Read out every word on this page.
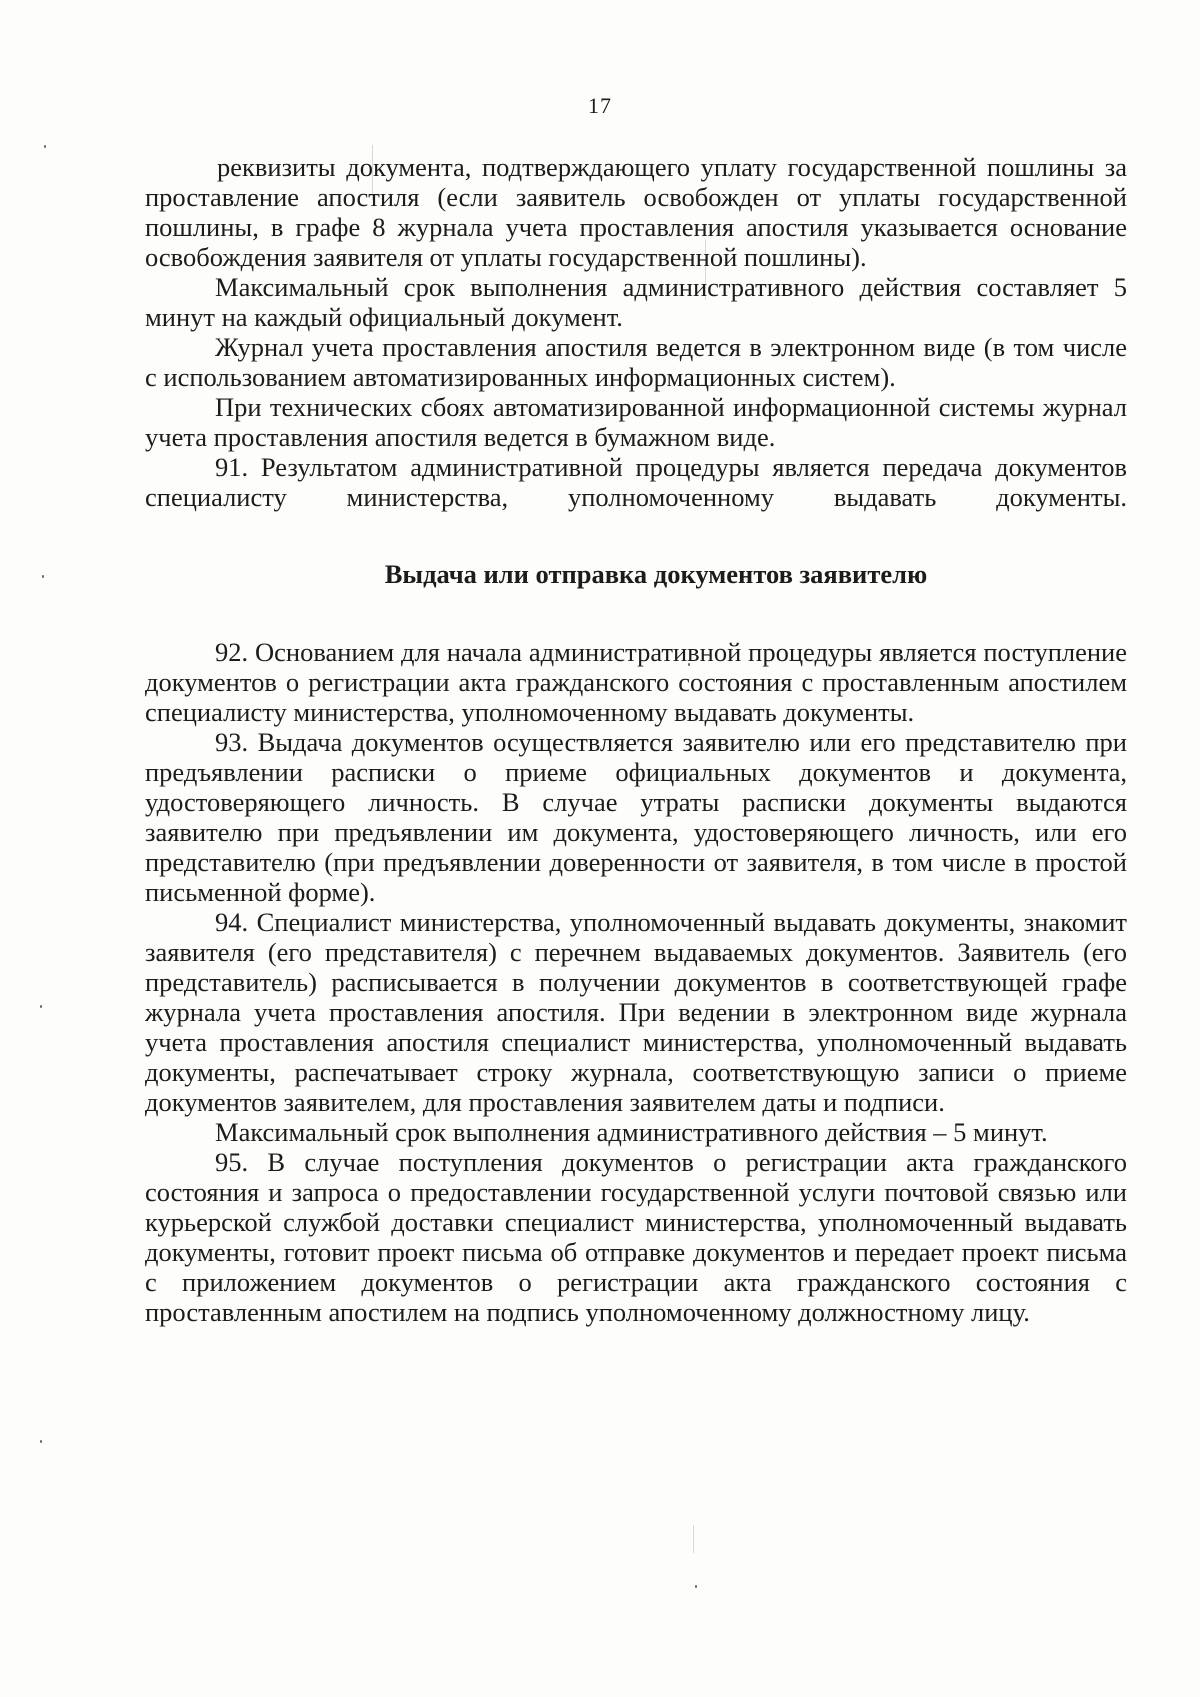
17

реквизиты документа, подтверждающего уплату государственной пошлины за проставление апостиля (если заявитель освобожден от уплаты государственной пошлины, в графе 8 журнала учета проставления апостиля указывается основание освобождения заявителя от уплаты государственной пошлины).

Максимальный срок выполнения административного действия составляет 5 минут на каждый официальный документ.

Журнал учета проставления апостиля ведется в электронном виде (в том числе с использованием автоматизированных информационных систем).

При технических сбоях автоматизированной информационной системы журнал учета проставления апостиля ведется в бумажном виде.

91. Результатом административной процедуры является передача документов специалисту министерства, уполномоченному выдавать документы.

Выдача или отправка документов заявителю

92. Основанием для начала административной процедуры является поступление документов о регистрации акта гражданского состояния с проставленным апостилем специалисту министерства, уполномоченному выдавать документы.

93. Выдача документов осуществляется заявителю или его представителю при предъявлении расписки о приеме официальных документов и документа, удостоверяющего личность. В случае утраты расписки документы выдаются заявителю при предъявлении им документа, удостоверяющего личность, или его представителю (при предъявлении доверенности от заявителя, в том числе в простой письменной форме).

94. Специалист министерства, уполномоченный выдавать документы, знакомит заявителя (его представителя) с перечнем выдаваемых документов. Заявитель (его представитель) расписывается в получении документов в соответствующей графе журнала учета проставления апостиля. При ведении в электронном виде журнала учета проставления апостиля специалист министерства, уполномоченный выдавать документы, распечатывает строку журнала, соответствующую записи о приеме документов заявителем, для проставления заявителем даты и подписи.

Максимальный срок выполнения административного действия – 5 минут.

95. В случае поступления документов о регистрации акта гражданского состояния и запроса о предоставлении государственной услуги почтовой связью или курьерской службой доставки специалист министерства, уполномоченный выдавать документы, готовит проект письма об отправке документов и передает проект письма с приложением документов о регистрации акта гражданского состояния с проставленным апостилем на подпись уполномоченному должностному лицу.
